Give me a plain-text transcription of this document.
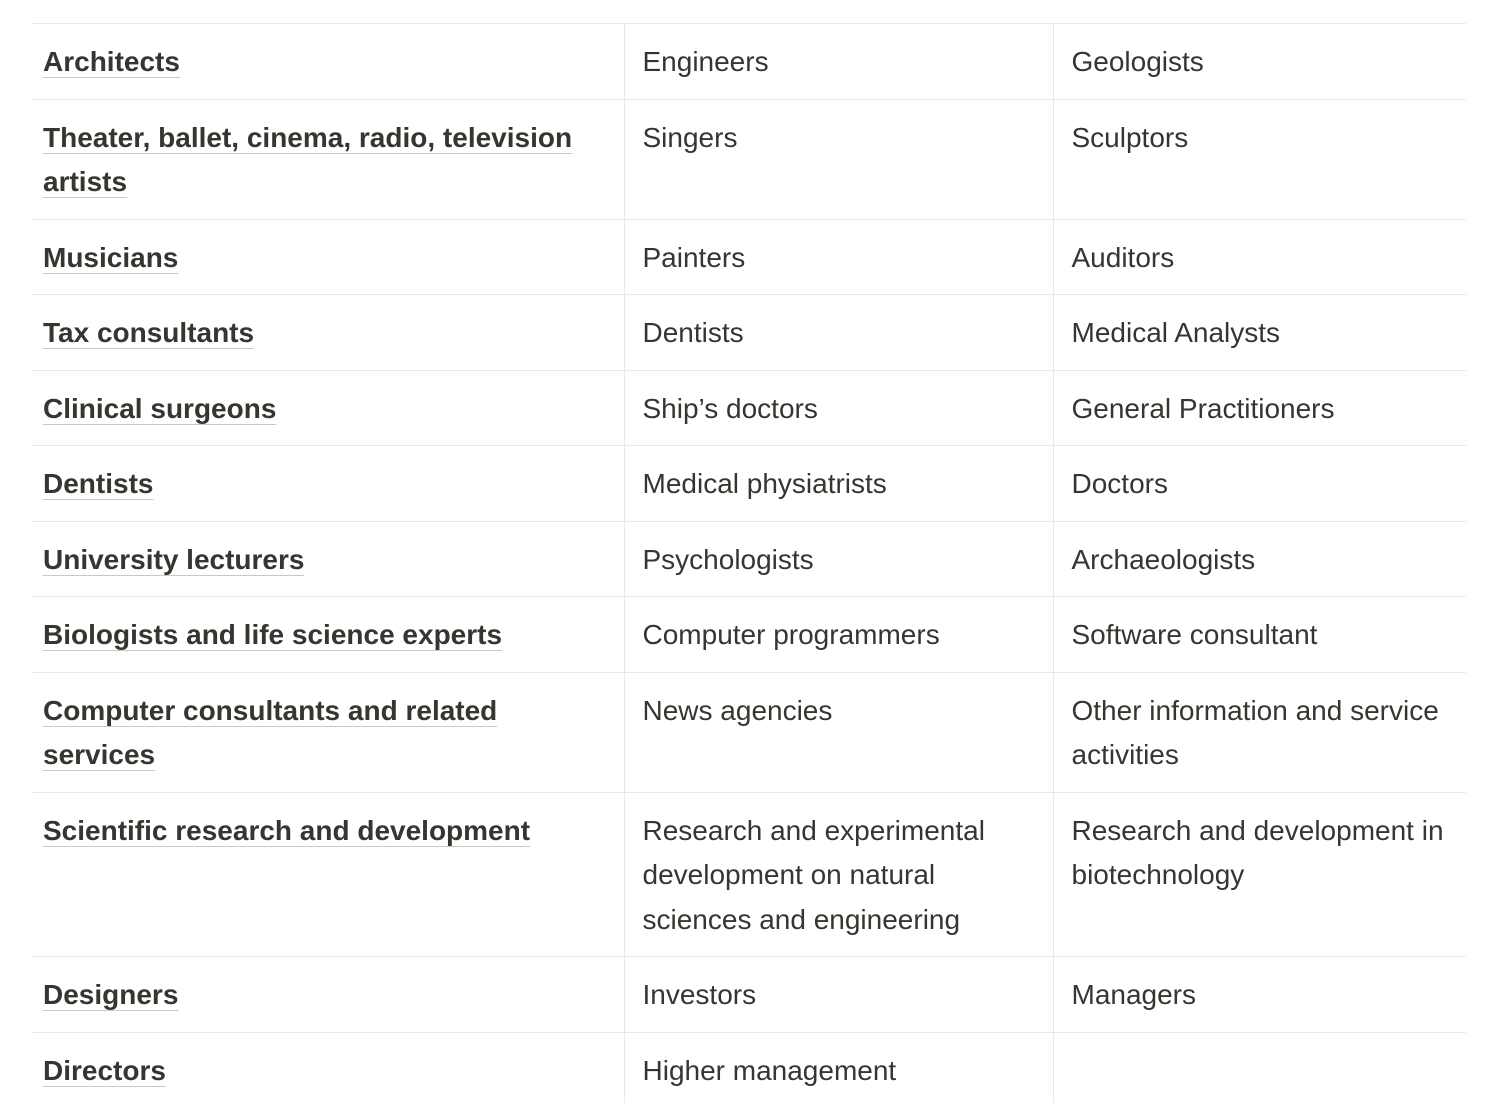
Architects	Engineers	Geologists
Theater, ballet, cinema, radio, television artists	Singers	Sculptors
Musicians	Painters	Auditors
Tax consultants	Dentists	Medical Analysts
Clinical surgeons	Ship’s doctors	General Practitioners
Dentists	Medical physiatrists	Doctors
University lecturers	Psychologists	Archaeologists
Biologists and life science experts	Computer programmers	Software consultant
Computer consultants and related services	News agencies	Other information and service activities
Scientific research and development	Research and experimental development on natural sciences and engineering	Research and development in biotechnology
Designers	Investors	Managers
Directors	Higher management	
